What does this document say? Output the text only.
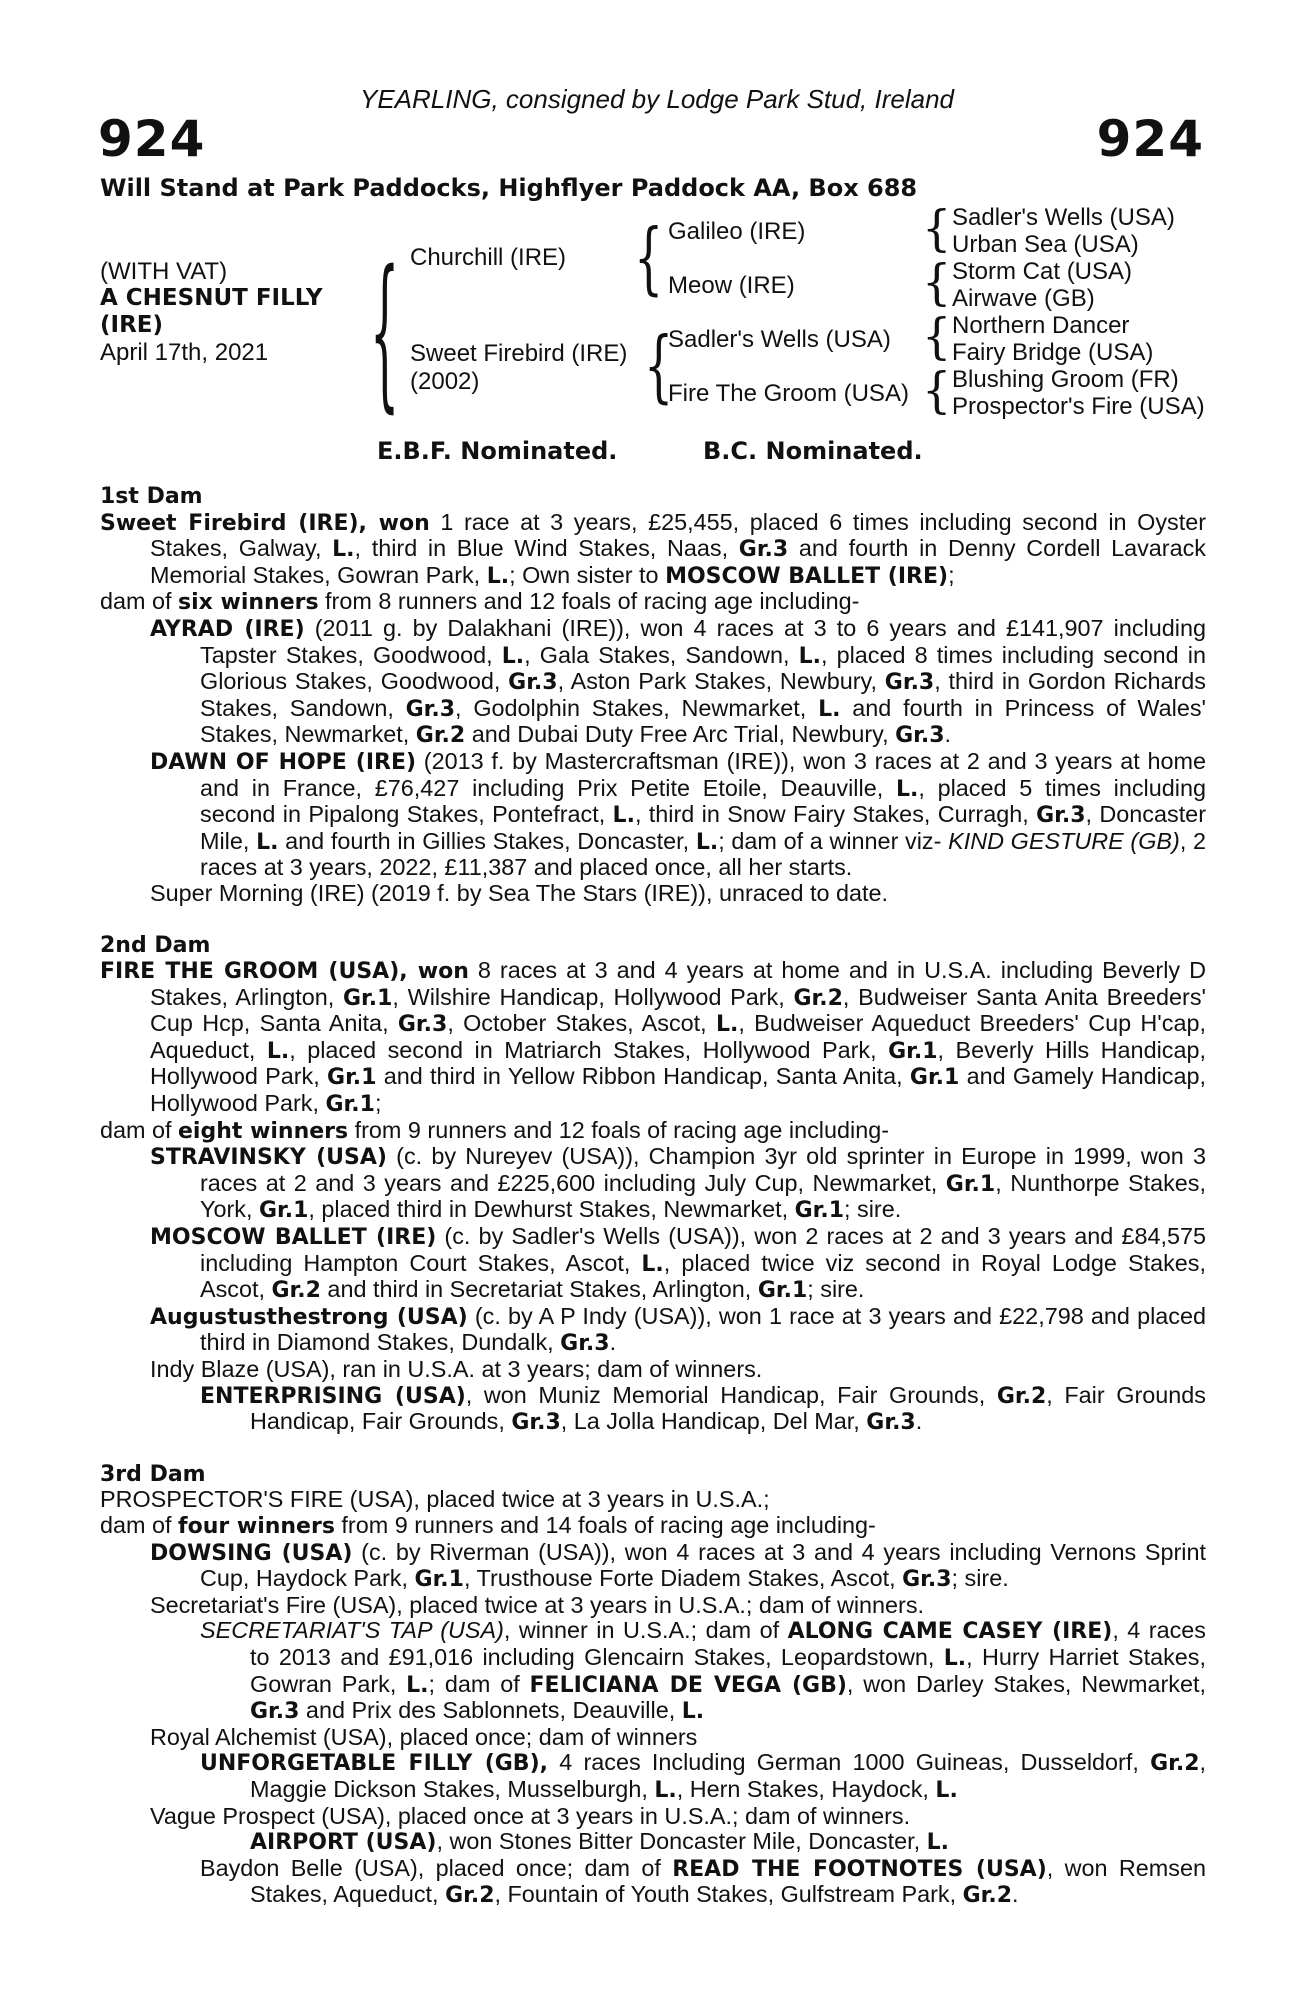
YEARLING, consigned by Lodge Park Stud, Ireland
924	924
Will Stand at Park Paddocks, Highflyer Paddock AA, Box 688
(WITH VAT)
A CHESNUT FILLY
(IRE)
April 17th, 2021 { Churchill (IRE)
Sweet Firebird (IRE)
(2002)
{ Galileo (IRE)
Meow (IRE)
{
Sadler's Wells (USA)
Fire The Groom (USA)
{
{
{
{
Sadler's Wells (USA)
Urban Sea (USA)
Storm Cat (USA)
Airwave (GB)
Northern Dancer
Fairy Bridge (USA)
Blushing Groom (FR)
Prospector's Fire (USA)
E.B.F. Nominated.	B.C. Nominated.
1st Dam
Sweet Firebird (IRE), won 1 race at 3 years, £25,455, placed 6 times including second in Oyster Stakes, Galway, L., third in Blue Wind Stakes, Naas, Gr.3 and fourth in Denny Cordell Lavarack Memorial Stakes, Gowran Park, L.; Own sister to MOSCOW BALLET (IRE);
dam of six winners from 8 runners and 12 foals of racing age including-
AYRAD (IRE) (2011 g. by Dalakhani (IRE)), won 4 races at 3 to 6 years and £141,907 including Tapster Stakes, Goodwood, L., Gala Stakes, Sandown, L., placed 8 times including second in Glorious Stakes, Goodwood, Gr.3, Aston Park Stakes, Newbury, Gr.3, third in Gordon Richards Stakes, Sandown, Gr.3, Godolphin Stakes, Newmarket, L. and fourth in Princess of Wales' Stakes, Newmarket, Gr.2 and Dubai Duty Free Arc Trial, Newbury, Gr.3.
DAWN OF HOPE (IRE) (2013 f. by Mastercraftsman (IRE)), won 3 races at 2 and 3 years at home and in France, £76,427 including Prix Petite Etoile, Deauville, L., placed 5 times including second in Pipalong Stakes, Pontefract, L., third in Snow Fairy Stakes, Curragh, Gr.3, Doncaster Mile, L. and fourth in Gillies Stakes, Doncaster, L.; dam of a winner viz- KIND GESTURE (GB), 2 races at 3 years, 2022, £11,387 and placed once, all her starts.
Super Morning (IRE) (2019 f. by Sea The Stars (IRE)), unraced to date.
2nd Dam
FIRE THE GROOM (USA), won 8 races at 3 and 4 years at home and in U.S.A. including Beverly D Stakes, Arlington, Gr.1, Wilshire Handicap, Hollywood Park, Gr.2, Budweiser Santa Anita Breeders' Cup Hcp, Santa Anita, Gr.3, October Stakes, Ascot, L., Budweiser Aqueduct Breeders' Cup H'cap, Aqueduct, L., placed second in Matriarch Stakes, Hollywood Park, Gr.1, Beverly Hills Handicap, Hollywood Park, Gr.1 and third in Yellow Ribbon Handicap, Santa Anita, Gr.1 and Gamely Handicap, Hollywood Park, Gr.1;
dam of eight winners from 9 runners and 12 foals of racing age including-
STRAVINSKY (USA) (c. by Nureyev (USA)), Champion 3yr old sprinter in Europe in 1999, won 3 races at 2 and 3 years and £225,600 including July Cup, Newmarket, Gr.1, Nunthorpe Stakes, York, Gr.1, placed third in Dewhurst Stakes, Newmarket, Gr.1; sire.
MOSCOW BALLET (IRE) (c. by Sadler's Wells (USA)), won 2 races at 2 and 3 years and £84,575 including Hampton Court Stakes, Ascot, L., placed twice viz second in Royal Lodge Stakes, Ascot, Gr.2 and third in Secretariat Stakes, Arlington, Gr.1; sire.
Augustusthestrong (USA) (c. by A P Indy (USA)), won 1 race at 3 years and £22,798 and placed third in Diamond Stakes, Dundalk, Gr.3.
Indy Blaze (USA), ran in U.S.A. at 3 years; dam of winners.
ENTERPRISING (USA), won Muniz Memorial Handicap, Fair Grounds, Gr.2, Fair Grounds Handicap, Fair Grounds, Gr.3, La Jolla Handicap, Del Mar, Gr.3.
3rd Dam
PROSPECTOR'S FIRE (USA), placed twice at 3 years in U.S.A.;
dam of four winners from 9 runners and 14 foals of racing age including-
DOWSING (USA) (c. by Riverman (USA)), won 4 races at 3 and 4 years including Vernons Sprint Cup, Haydock Park, Gr.1, Trusthouse Forte Diadem Stakes, Ascot, Gr.3; sire.
Secretariat's Fire (USA), placed twice at 3 years in U.S.A.; dam of winners.
SECRETARIAT'S TAP (USA), winner in U.S.A.; dam of ALONG CAME CASEY (IRE), 4 races to 2013 and £91,016 including Glencairn Stakes, Leopardstown, L., Hurry Harriet Stakes, Gowran Park, L.; dam of FELICIANA DE VEGA (GB), won Darley Stakes, Newmarket, Gr.3 and Prix des Sablonnets, Deauville, L.
Royal Alchemist (USA), placed once; dam of winners
UNFORGETABLE FILLY (GB), 4 races Including German 1000 Guineas, Dusseldorf, Gr.2, Maggie Dickson Stakes, Musselburgh, L., Hern Stakes, Haydock, L.
Vague Prospect (USA), placed once at 3 years in U.S.A.; dam of winners.
AIRPORT (USA), won Stones Bitter Doncaster Mile, Doncaster, L.
Baydon Belle (USA), placed once; dam of READ THE FOOTNOTES (USA), won Remsen Stakes, Aqueduct, Gr.2, Fountain of Youth Stakes, Gulfstream Park, Gr.2.
